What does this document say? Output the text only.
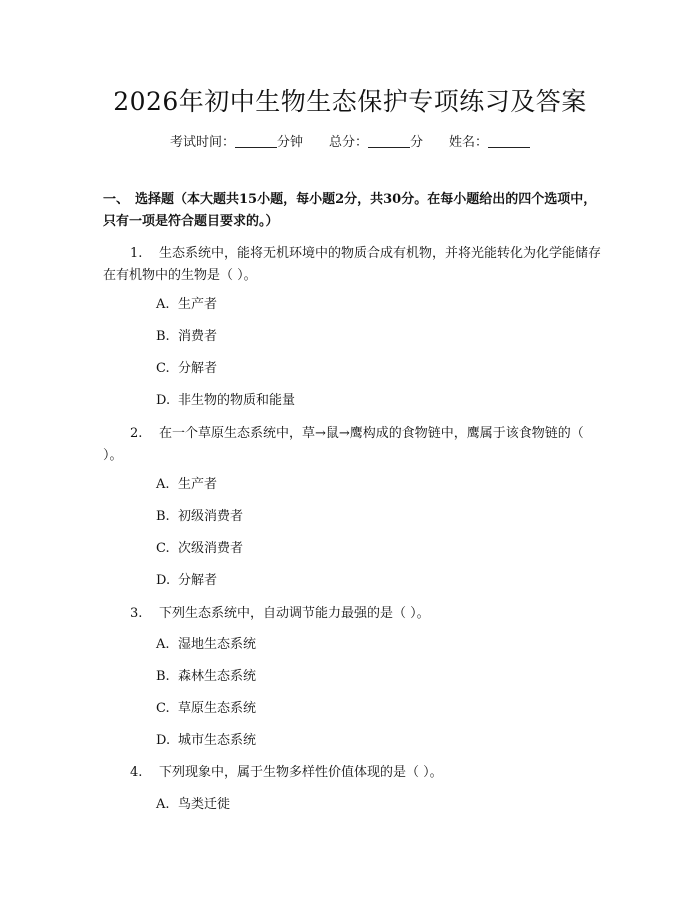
2026年初中生物生态保护专项练习及答案
考试时间：	分钟 总分：	分 姓名：
一、 选择题（本大题共15小题，每小题2分，共30分。在每小题给出的四个选项中，只有一项是符合题目要求的。）
1. 生态系统中，能将无机环境中的物质合成有机物，并将光能转化为化学能储存在有机物中的生物是（ ）。
A. 生产者
B. 消费者
C. 分解者
D. 非生物的物质和能量
2. 在一个草原生态系统中，草→鼠→鹰构成的食物链中，鹰属于该食物链的（ ）。
A. 生产者
B. 初级消费者
C. 次级消费者
D. 分解者
3. 下列生态系统中，自动调节能力最强的是（ ）。
A. 湿地生态系统
B. 森林生态系统
C. 草原生态系统
D. 城市生态系统
4. 下列现象中，属于生物多样性价值体现的是（ ）。
A. 鸟类迁徙
